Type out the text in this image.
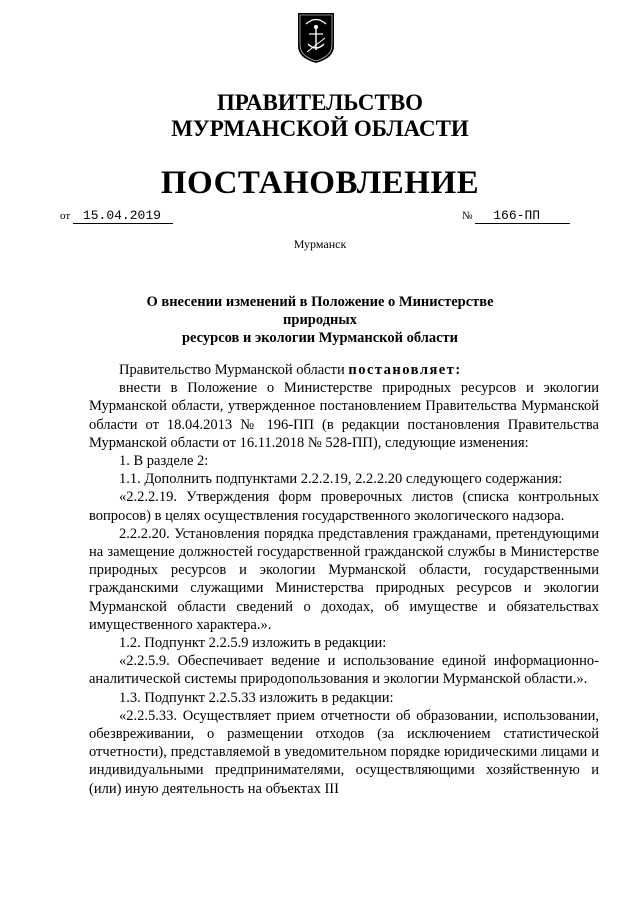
ПРАВИТЕЛЬСТВО
МУРМАНСКОЙ ОБЛАСТИ
ПОСТАНОВЛЕНИЕ
от 15.04.2019	№ 166-ПП
Мурманск
О внесении изменений в Положение о Министерстве природных
ресурсов и экологии Мурманской области

Правительство Мурманской области постановляет:

внести в Положение о Министерстве природных ресурсов и экологии Мурманской области, утвержденное постановлением Правительства Мурманской области от 18.04.2013 № 196-ПП (в редакции постановления Правительства Мурманской области от 16.11.2018 № 528-ПП), следующие изменения:

1. В разделе 2:

1.1. Дополнить подпунктами 2.2.2.19, 2.2.2.20 следующего содержания:

«2.2.2.19. Утверждения форм проверочных листов (списка контрольных вопросов) в целях осуществления государственного экологического надзора.

2.2.2.20. Установления порядка представления гражданами, претендующими на замещение должностей государственной гражданской службы в Министерстве природных ресурсов и экологии Мурманской области, государственными гражданскими служащими Министерства природных ресурсов и экологии Мурманской области сведений о доходах, об имуществе и обязательствах имущественного характера.».

1.2. Подпункт 2.2.5.9 изложить в редакции:

«2.2.5.9. Обеспечивает ведение и использование единой информационно-аналитической системы природопользования и экологии Мурманской области.».

1.3. Подпункт 2.2.5.33 изложить в редакции:

«2.2.5.33. Осуществляет прием отчетности об образовании, использовании, обезвреживании, о размещении отходов (за исключением статистической отчетности), представляемой в уведомительном порядке юридическими лицами и индивидуальными предпринимателями, осуществляющими хозяйственную и (или) иную деятельность на объектах III
